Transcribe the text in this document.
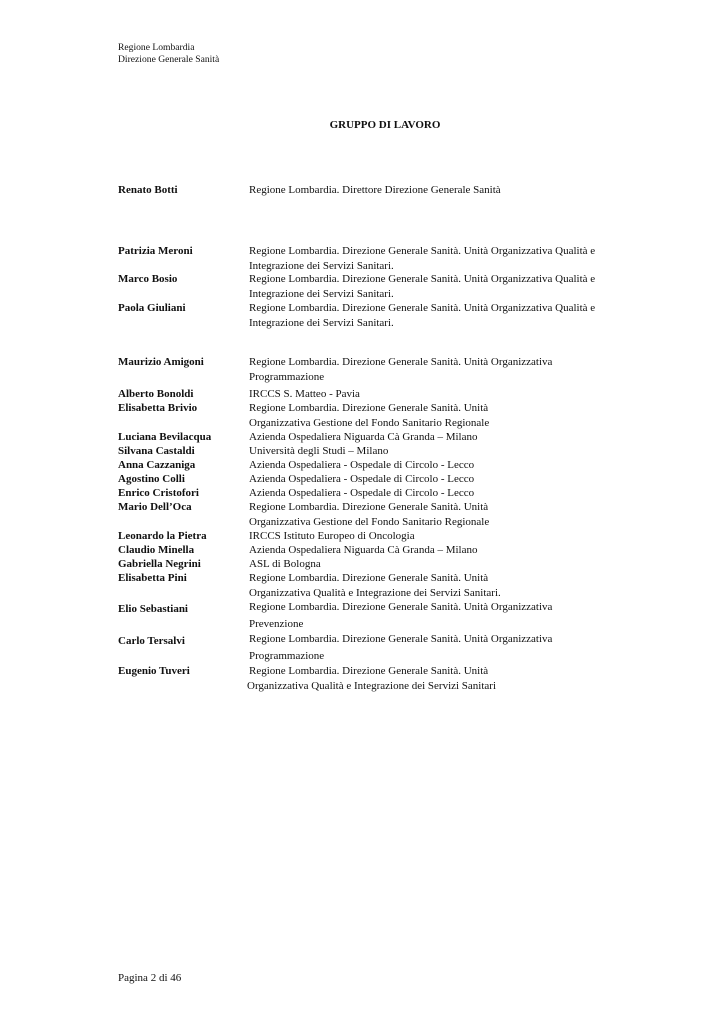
Regione Lombardia
Direzione Generale Sanità
GRUPPO DI LAVORO
Renato Botti	Regione Lombardia. Direttore Direzione Generale Sanità
Patrizia Meroni	Regione Lombardia. Direzione Generale Sanità. Unità Organizzativa Qualità e
Integrazione dei Servizi Sanitari.
Marco Bosio	Regione Lombardia. Direzione Generale Sanità. Unità Organizzativa Qualità e
Integrazione dei Servizi Sanitari.
Paola Giuliani	Regione Lombardia. Direzione Generale Sanità. Unità Organizzativa Qualità e
Integrazione dei Servizi Sanitari.
Maurizio Amigoni	Regione Lombardia. Direzione Generale Sanità. Unità Organizzativa
Programmazione
Alberto Bonoldi	IRCCS S. Matteo - Pavia
Elisabetta Brivio	Regione Lombardia. Direzione Generale Sanità. Unità
Organizzativa Gestione del Fondo Sanitario Regionale
Luciana Bevilacqua	Azienda Ospedaliera Niguarda Cà Granda – Milano
Silvana Castaldi	Università degli Studi – Milano
Anna Cazzaniga	Azienda Ospedaliera - Ospedale di Circolo - Lecco
Agostino Colli	Azienda Ospedaliera - Ospedale di Circolo - Lecco
Enrico Cristofori	Azienda Ospedaliera - Ospedale di Circolo - Lecco
Mario Dell’Oca	Regione Lombardia. Direzione Generale Sanità. Unità
Organizzativa Gestione del Fondo Sanitario Regionale
Leonardo la Pietra	IRCCS Istituto Europeo di Oncologia
Claudio Minella	Azienda Ospedaliera Niguarda Cà Granda – Milano
Gabriella Negrini	ASL di Bologna
Elisabetta Pini	Regione Lombardia. Direzione Generale Sanità. Unità
Organizzativa Qualità e Integrazione dei Servizi Sanitari.
Elio Sebastiani	Regione Lombardia. Direzione Generale Sanità. Unità Organizzativa
Prevenzione
Carlo Tersalvi	Regione Lombardia. Direzione Generale Sanità. Unità Organizzativa
Programmazione
Eugenio Tuveri	Regione Lombardia. Direzione Generale Sanità. Unità
Organizzativa Qualità e Integrazione dei Servizi Sanitari
Pagina 2 di 46
